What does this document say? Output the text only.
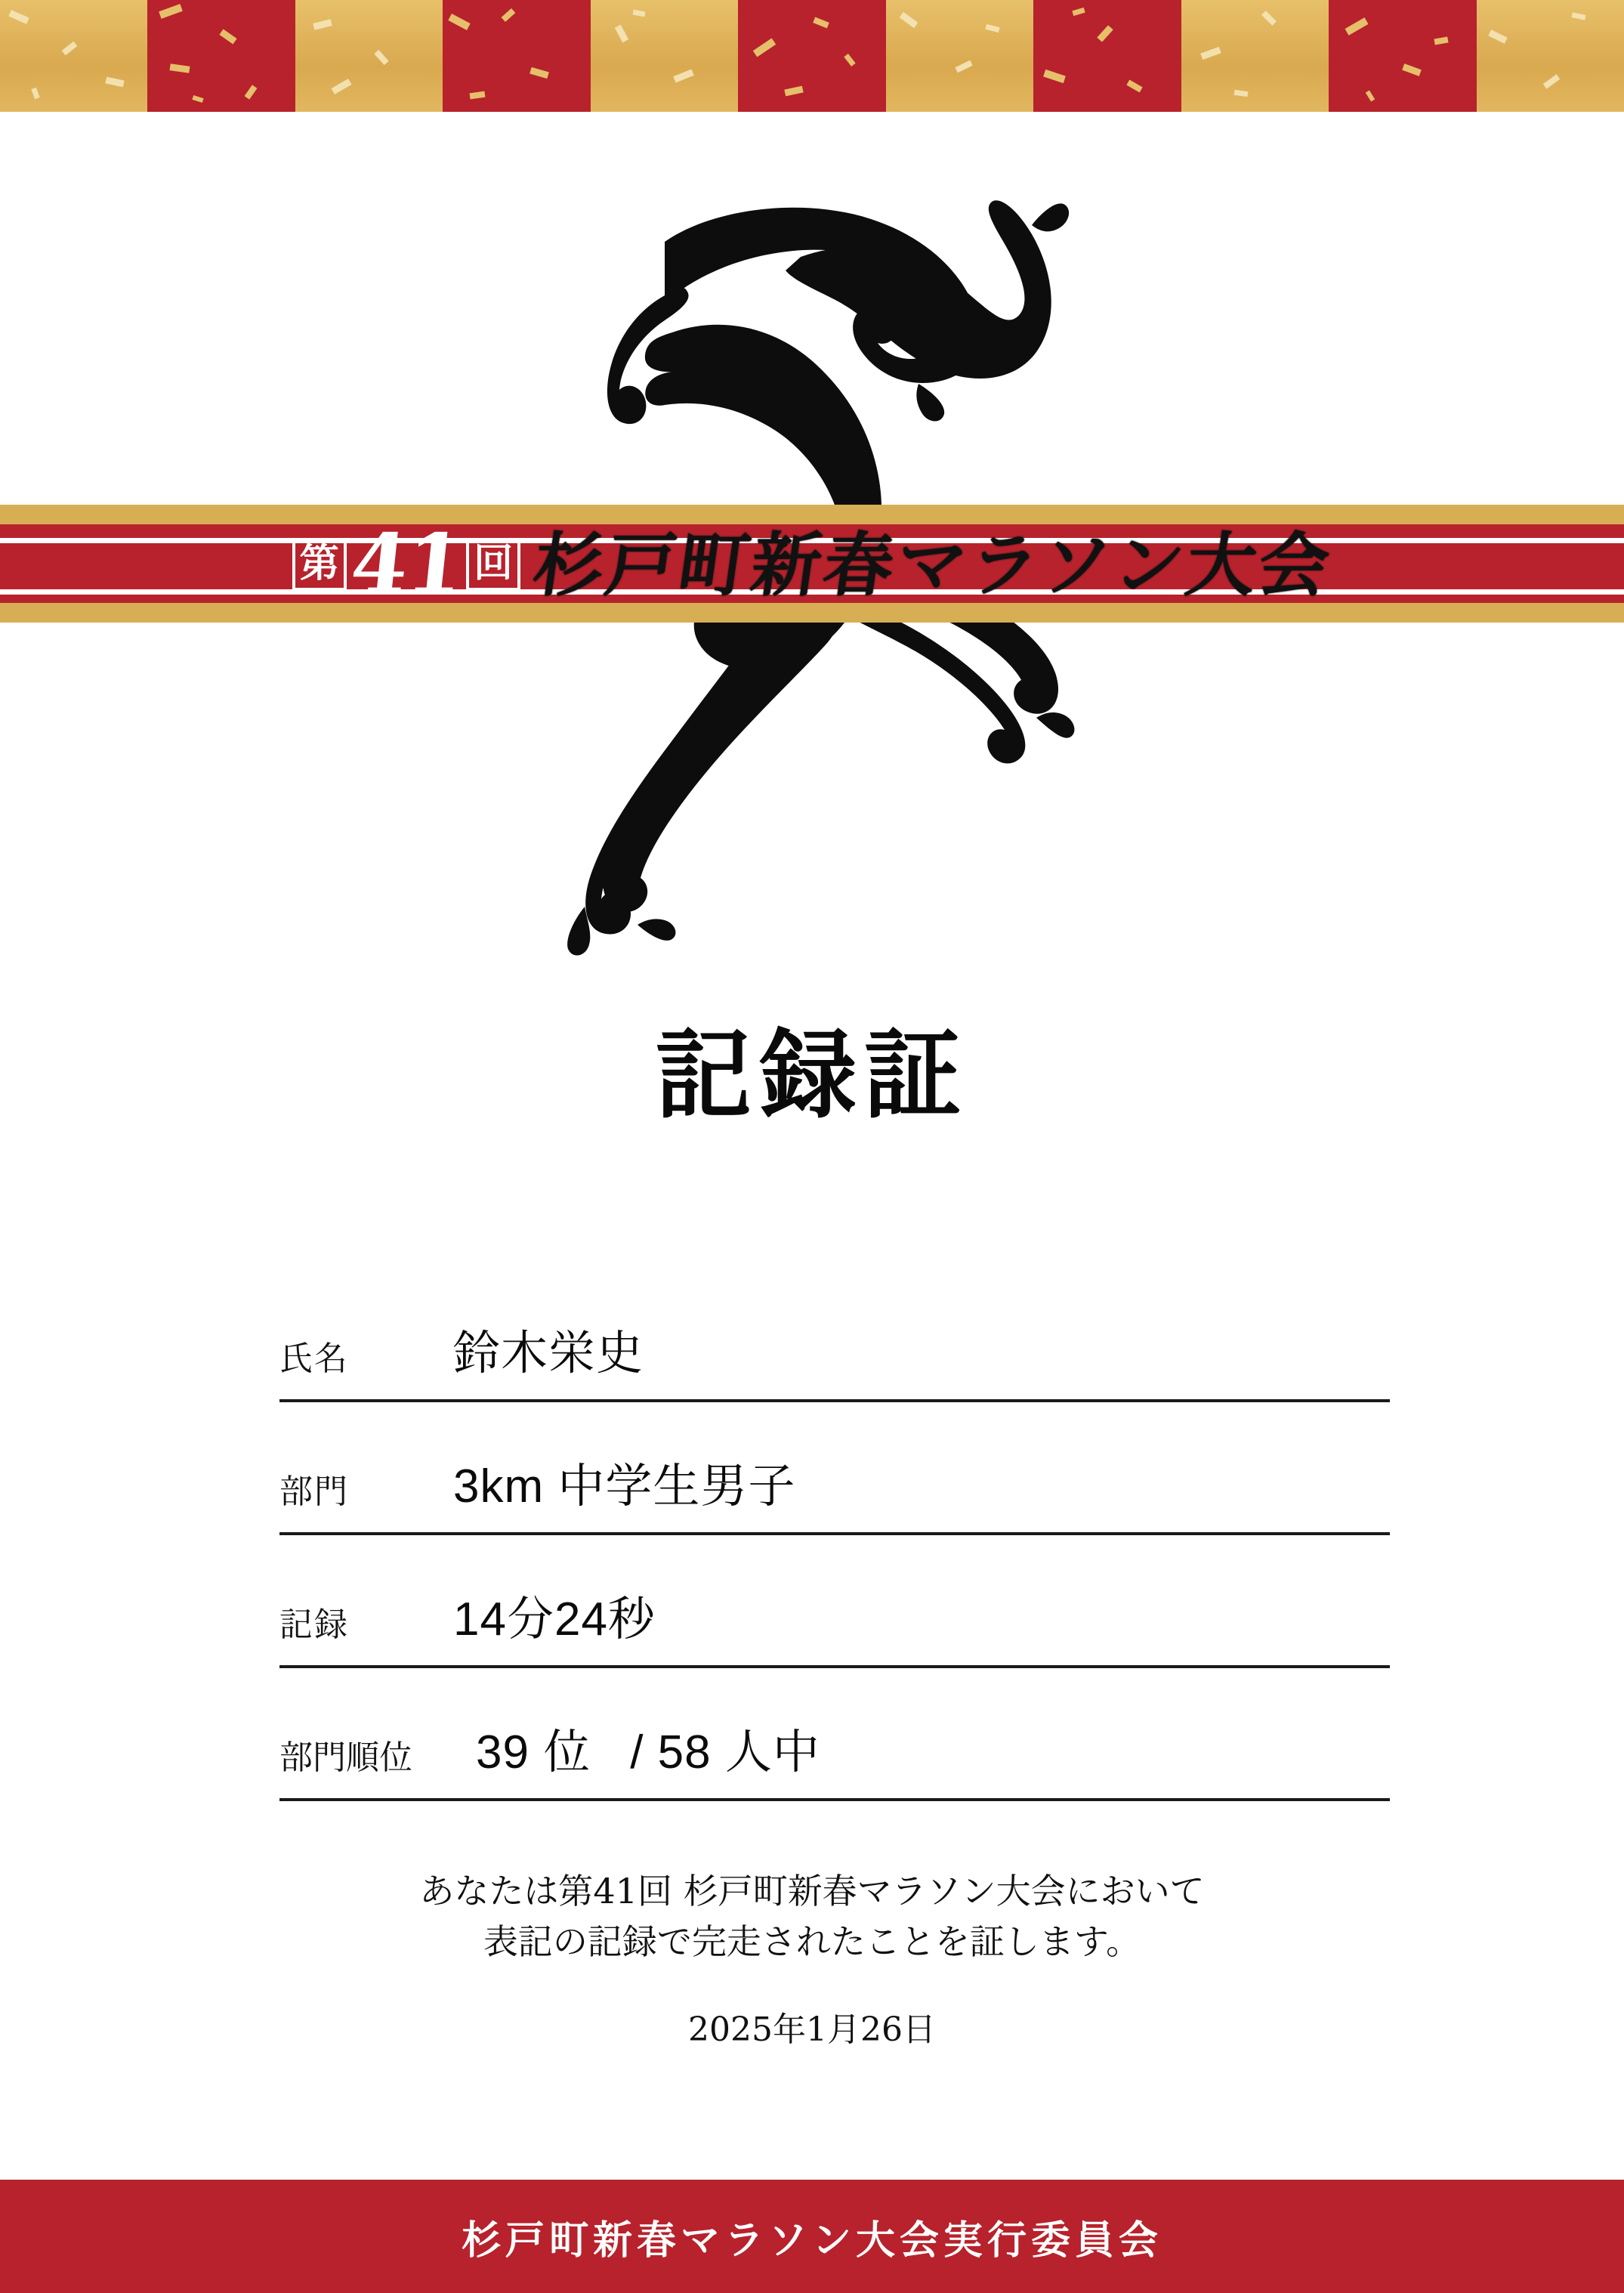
第 41 回 杉戸町新春マラソン大会
記録証
氏名	鈴木栄史
部門	3km 中学生男子
記録	14分24秒
部門順位	39 位 / 58 人中
あなたは第41回 杉戸町新春マラソン大会において
表記の記録で完走されたことを証します。
2025年1月26日
杉戸町新春マラソン大会実行委員会
